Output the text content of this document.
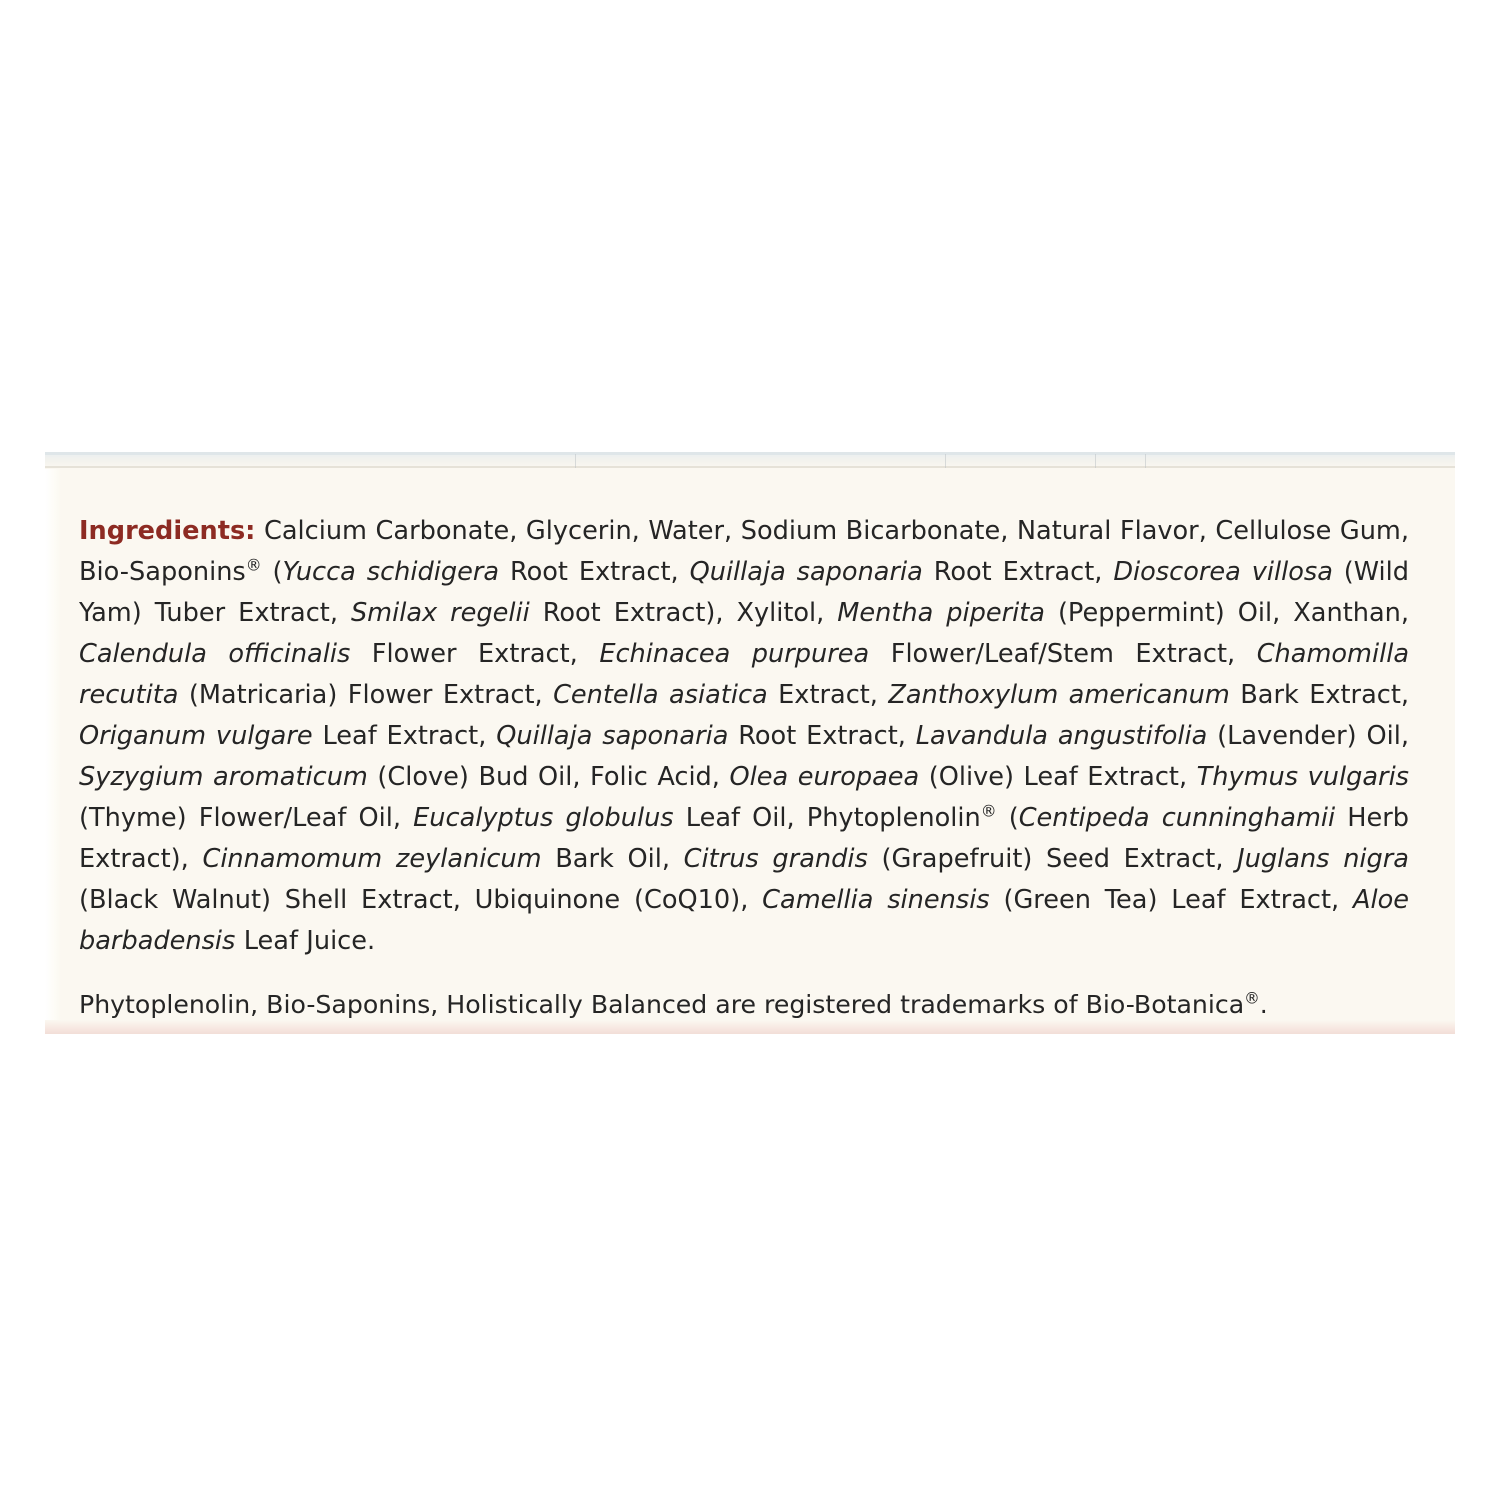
Ingredients: Calcium Carbonate, Glycerin, Water, Sodium Bicarbonate, Natural Flavor, Cellulose Gum, Bio-Saponins® (Yucca schidigera Root Extract, Quillaja saponaria Root Extract, Dioscorea villosa (Wild Yam) Tuber Extract, Smilax regelii Root Extract), Xylitol, Mentha piperita (Peppermint) Oil, Xanthan, Calendula officinalis Flower Extract, Echinacea purpurea Flower/Leaf/Stem Extract, Chamomilla recutita (Matricaria) Flower Extract, Centella asiatica Extract, Zanthoxylum americanum Bark Extract, Origanum vulgare Leaf Extract, Quillaja saponaria Root Extract, Lavandula angustifolia (Lavender) Oil, Syzygium aromaticum (Clove) Bud Oil, Folic Acid, Olea europaea (Olive) Leaf Extract, Thymus vulgaris (Thyme) Flower/Leaf Oil, Eucalyptus globulus Leaf Oil, Phytoplenolin® (Centipeda cunninghamii Herb Extract), Cinnamomum zeylanicum Bark Oil, Citrus grandis (Grapefruit) Seed Extract, Juglans nigra (Black Walnut) Shell Extract, Ubiquinone (CoQ10), Camellia sinensis (Green Tea) Leaf Extract, Aloe barbadensis Leaf Juice.

Phytoplenolin, Bio-Saponins, Holistically Balanced are registered trademarks of Bio-Botanica®.
